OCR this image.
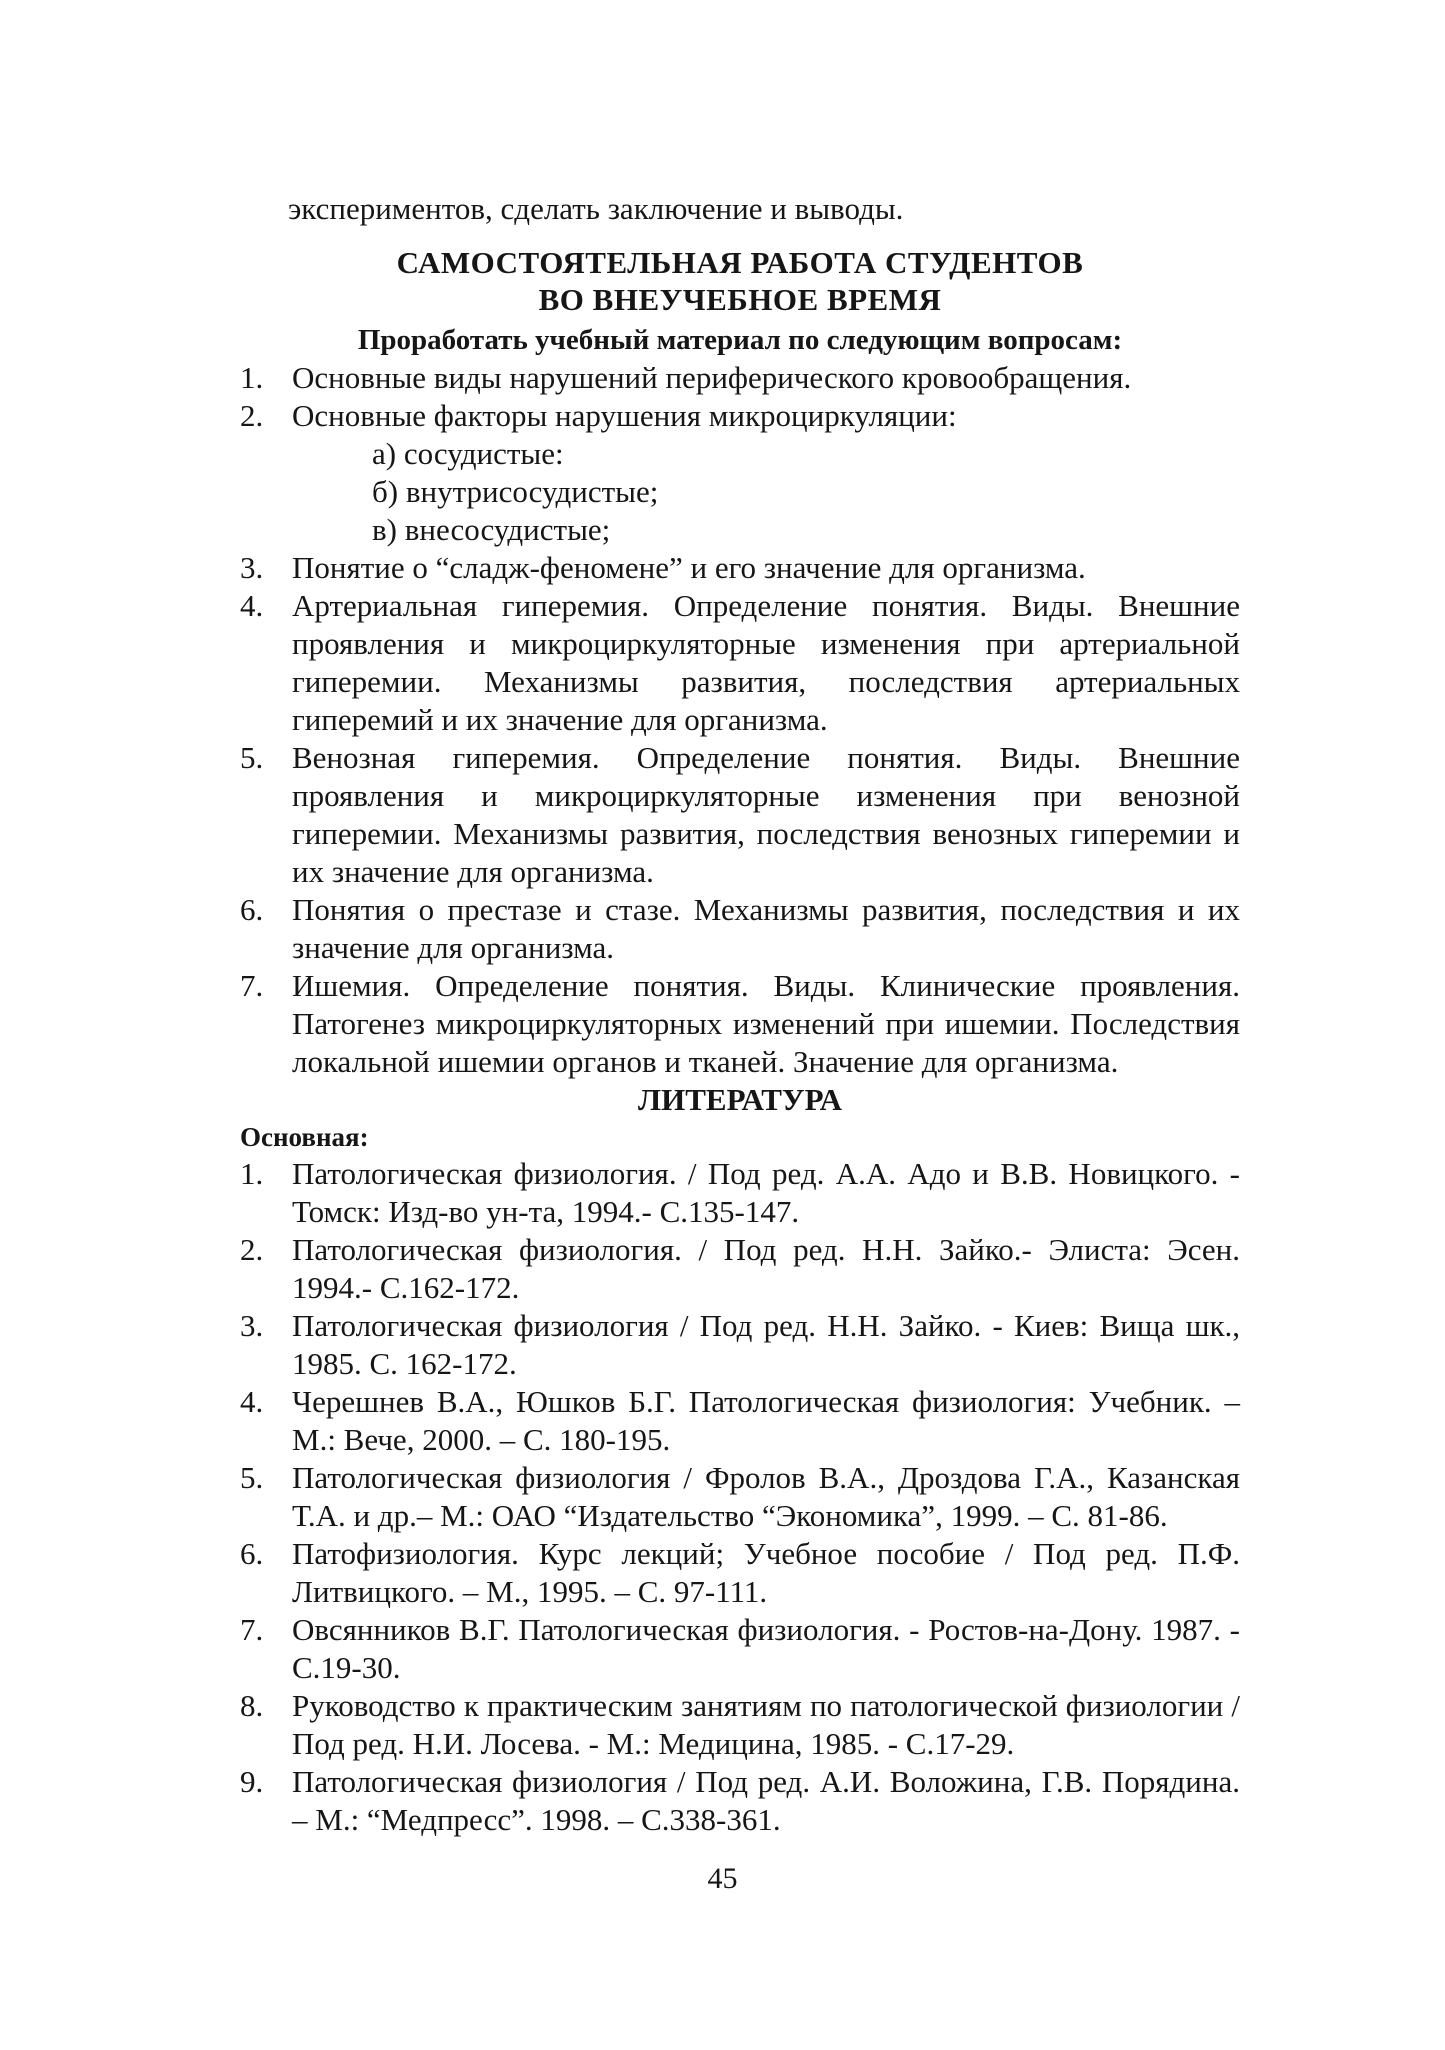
экспериментов, сделать заключение и выводы.

САМОСТОЯТЕЛЬНАЯ РАБОТА СТУДЕНТОВ
ВО ВНЕУЧЕБНОЕ ВРЕМЯ

Проработать учебный материал по следующим вопросам:

1. Основные виды нарушений периферического кровообращения.
2. Основные факторы нарушения микроциркуляции:
а) сосудистые:
б) внутрисосудистые;
в) внесосудистые;
3. Понятие о “сладж-феномене” и его значение для организма.
4. Артериальная гиперемия. Определение понятия. Виды. Внешние проявления и микроциркуляторные изменения при артериальной гиперемии. Механизмы развития, последствия артериальных гиперемий и их значение для организма.
5. Венозная гиперемия. Определение понятия. Виды. Внешние проявления и микроциркуляторные изменения при венозной гиперемии. Механизмы развития, последствия венозных гиперемии и их значение для организма.
6. Понятия о престазе и стазе. Механизмы развития, последствия и их значение для организма.
7. Ишемия. Определение понятия. Виды. Клинические проявления. Патогенез микроциркуляторных изменений при ишемии. Последствия локальной ишемии органов и тканей. Значение для организма.
ЛИТЕРАТУРА
Основная:
1. Патологическая физиология. / Под ред. А.А. Адо и В.В. Новицкого. - Томск: Изд-во ун-та, 1994.- С.135-147.
2. Патологическая физиология. / Под ред. Н.Н. Зайко.- Элиста: Эсен. 1994.- С.162-172.
3. Патологическая физиология / Под ред. Н.Н. Зайко. - Киев: Вища шк., 1985. С. 162-172.
4. Черешнев В.А., Юшков Б.Г. Патологическая физиология: Учебник. – М.: Вече, 2000. – С. 180-195.
5. Патологическая физиология / Фролов В.А., Дроздова Г.А., Казанская Т.А. и др.– М.: ОАО “Издательство “Экономика”, 1999. – С. 81-86.
6. Патофизиология. Курс лекций; Учебное пособие / Под ред. П.Ф. Литвицкого. – М., 1995. – С. 97-111.
7. Овсянников В.Г. Патологическая физиология. - Ростов-на-Дону. 1987. - С.19-30.
8. Руководство к практическим занятиям по патологической физиологии / Под ред. Н.И. Лосева. - М.: Медицина, 1985. - С.17-29.
9. Патологическая физиология / Под ред. А.И. Воложина, Г.В. Порядина. – М.: “Медпресс”. 1998. – С.338-361.
45
